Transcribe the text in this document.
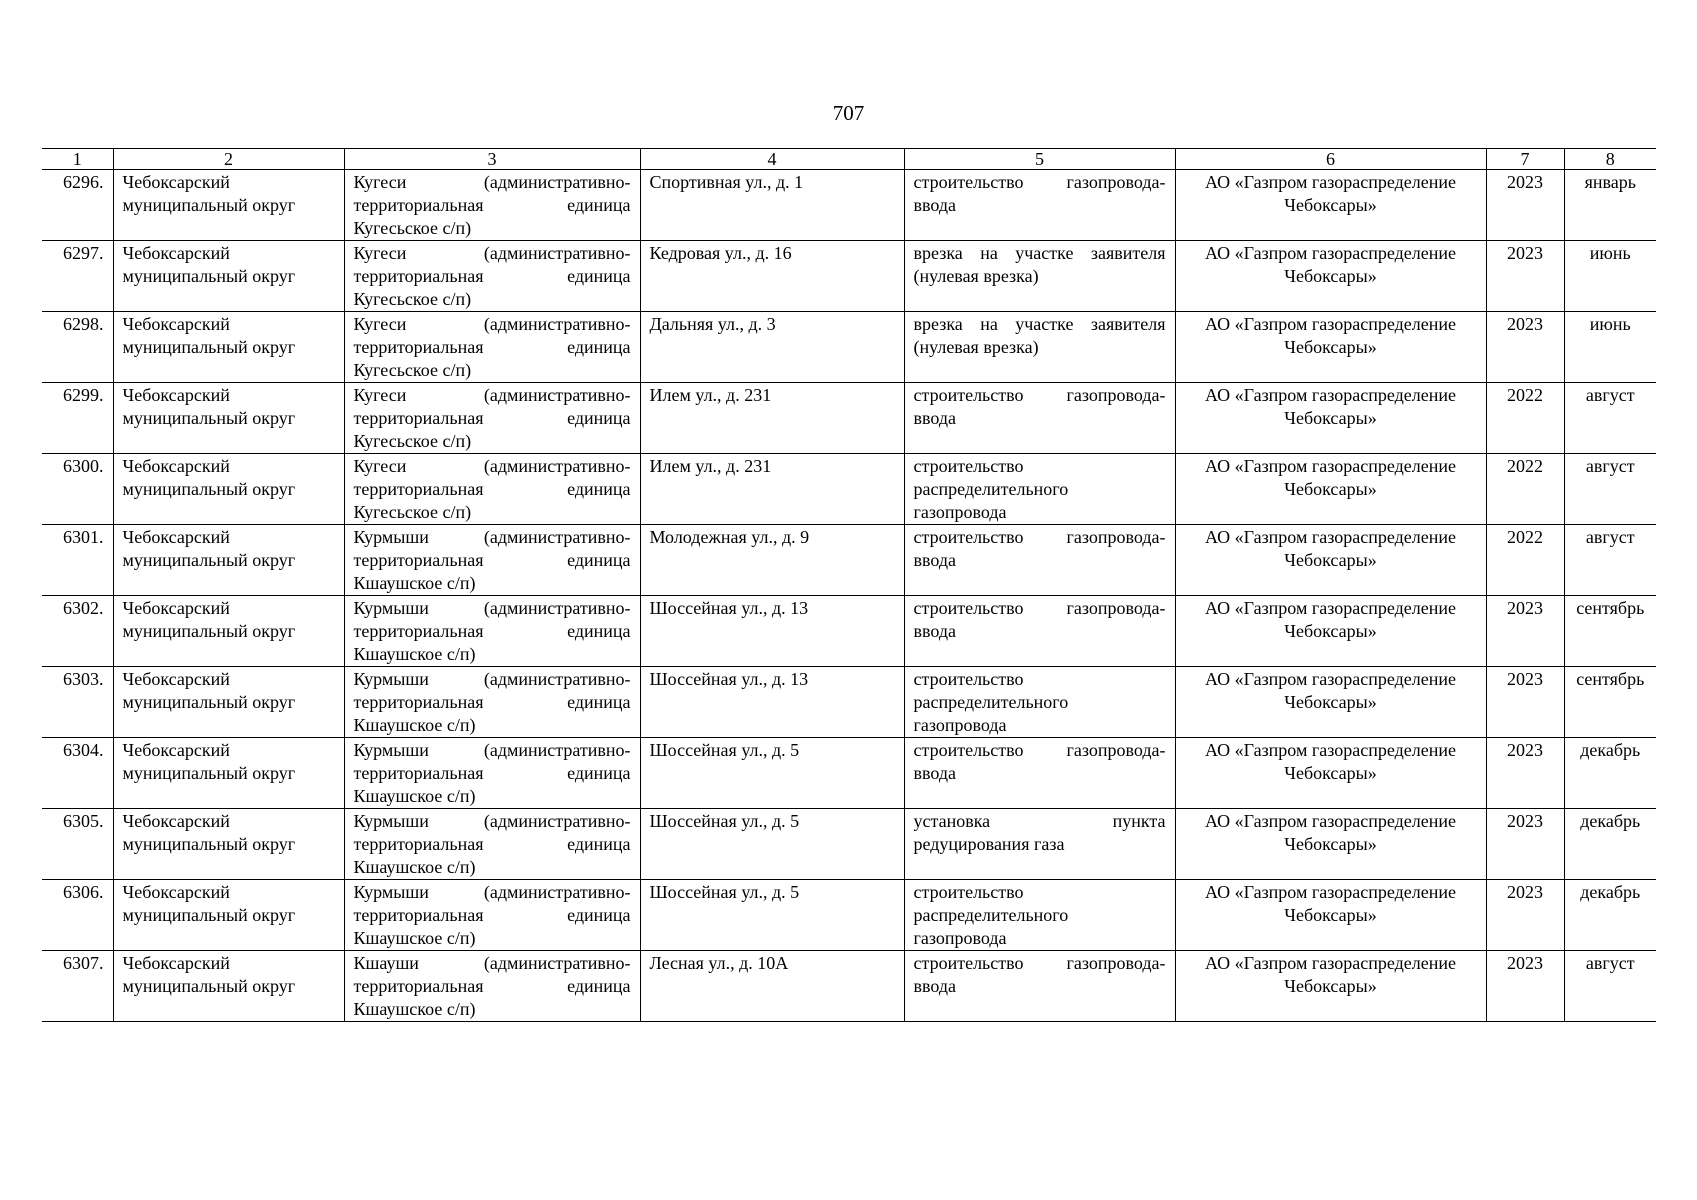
707
1	2	3	4	5	6	7	8
6296.	Чебоксарский муниципальный округ	Кугеси (административно-территориальная единица Кугесьское с/п)	Спортивная ул., д. 1	строительство газопровода-ввода	АО «Газпром газораспределение Чебоксары»	2023	январь
6297.	Чебоксарский муниципальный округ	Кугеси (административно-территориальная единица Кугесьское с/п)	Кедровая ул., д. 16	врезка на участке заявителя (нулевая врезка)	АО «Газпром газораспределение Чебоксары»	2023	июнь
6298.	Чебоксарский муниципальный округ	Кугеси (административно-территориальная единица Кугесьское с/п)	Дальняя ул., д. 3	врезка на участке заявителя (нулевая врезка)	АО «Газпром газораспределение Чебоксары»	2023	июнь
6299.	Чебоксарский муниципальный округ	Кугеси (административно-территориальная единица Кугесьское с/п)	Илем ул., д. 231	строительство газопровода-ввода	АО «Газпром газораспределение Чебоксары»	2022	август
6300.	Чебоксарский муниципальный округ	Кугеси (административно-территориальная единица Кугесьское с/п)	Илем ул., д. 231	строительство распределительного газопровода	АО «Газпром газораспределение Чебоксары»	2022	август
6301.	Чебоксарский муниципальный округ	Курмыши (административно-территориальная единица Кшаушское с/п)	Молодежная ул., д. 9	строительство газопровода-ввода	АО «Газпром газораспределение Чебоксары»	2022	август
6302.	Чебоксарский муниципальный округ	Курмыши (административно-территориальная единица Кшаушское с/п)	Шоссейная ул., д. 13	строительство газопровода-ввода	АО «Газпром газораспределение Чебоксары»	2023	сентябрь
6303.	Чебоксарский муниципальный округ	Курмыши (административно-территориальная единица Кшаушское с/п)	Шоссейная ул., д. 13	строительство распределительного газопровода	АО «Газпром газораспределение Чебоксары»	2023	сентябрь
6304.	Чебоксарский муниципальный округ	Курмыши (административно-территориальная единица Кшаушское с/п)	Шоссейная ул., д. 5	строительство газопровода-ввода	АО «Газпром газораспределение Чебоксары»	2023	декабрь
6305.	Чебоксарский муниципальный округ	Курмыши (административно-территориальная единица Кшаушское с/п)	Шоссейная ул., д. 5	установка пункта редуцирования газа	АО «Газпром газораспределение Чебоксары»	2023	декабрь
6306.	Чебоксарский муниципальный округ	Курмыши (административно-территориальная единица Кшаушское с/п)	Шоссейная ул., д. 5	строительство распределительного газопровода	АО «Газпром газораспределение Чебоксары»	2023	декабрь
6307.	Чебоксарский муниципальный округ	Кшауши (административно-территориальная единица Кшаушское с/п)	Лесная ул., д. 10А	строительство газопровода-ввода	АО «Газпром газораспределение Чебоксары»	2023	август
